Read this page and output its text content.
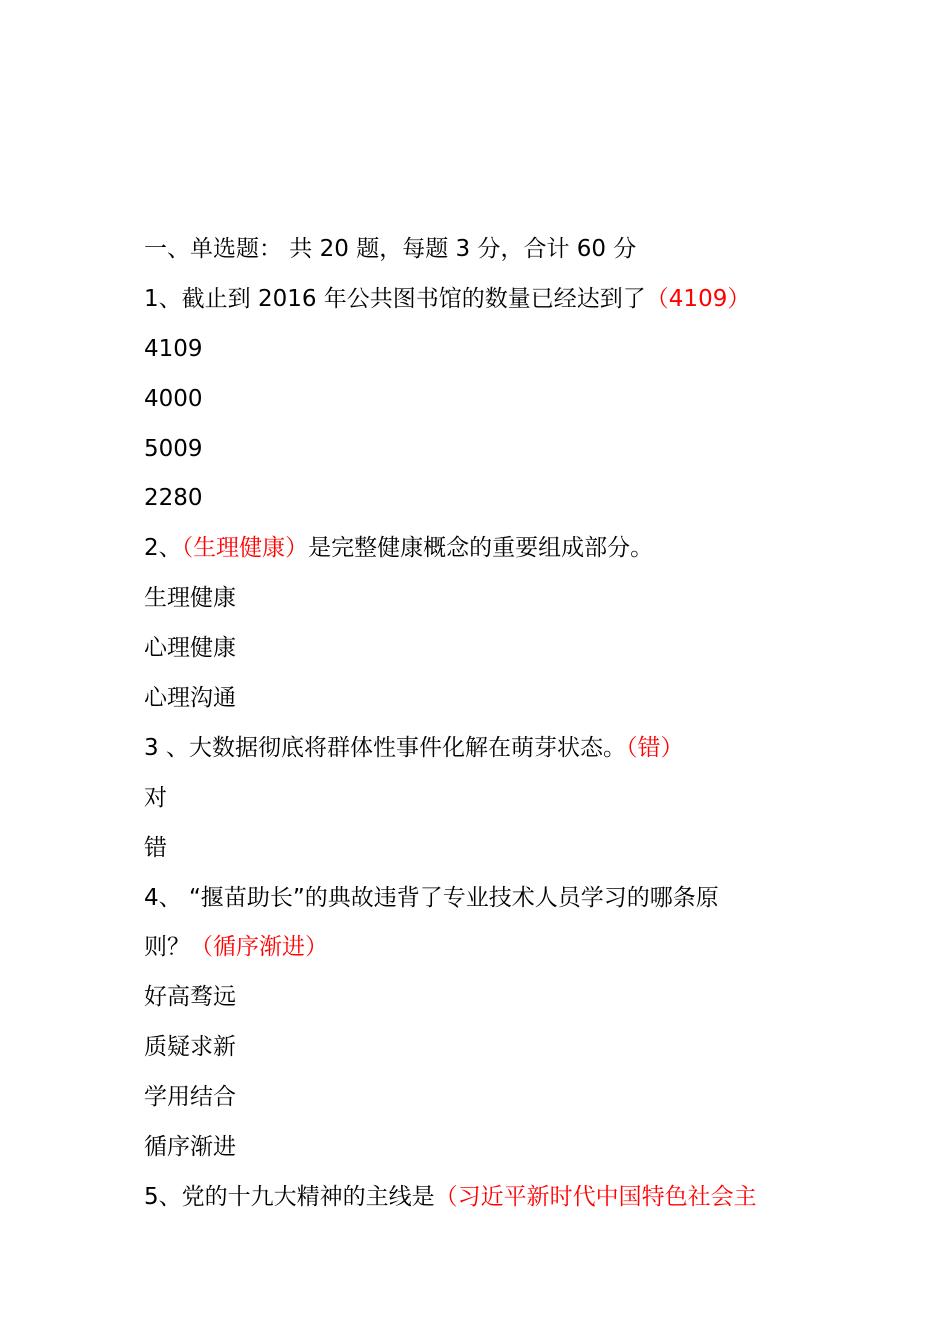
一、单选题： 共 20 题，每题 3 分，合计 60 分
1、截止到 2016 年公共图书馆的数量已经达到了（4109）
4109
4000
5009
2280
2、（生理健康）是完整健康概念的重要组成部分。
生理健康
心理健康
心理沟通
3 、大数据彻底将群体性事件化解在萌芽状态。（错）
对
错
4、 “揠苗助长”的典故违背了专业技术人员学习的哪条原
则？（循序渐进）
好高骛远
质疑求新
学用结合
循序渐进
5、党的十九大精神的主线是（习近平新时代中国特色社会主
